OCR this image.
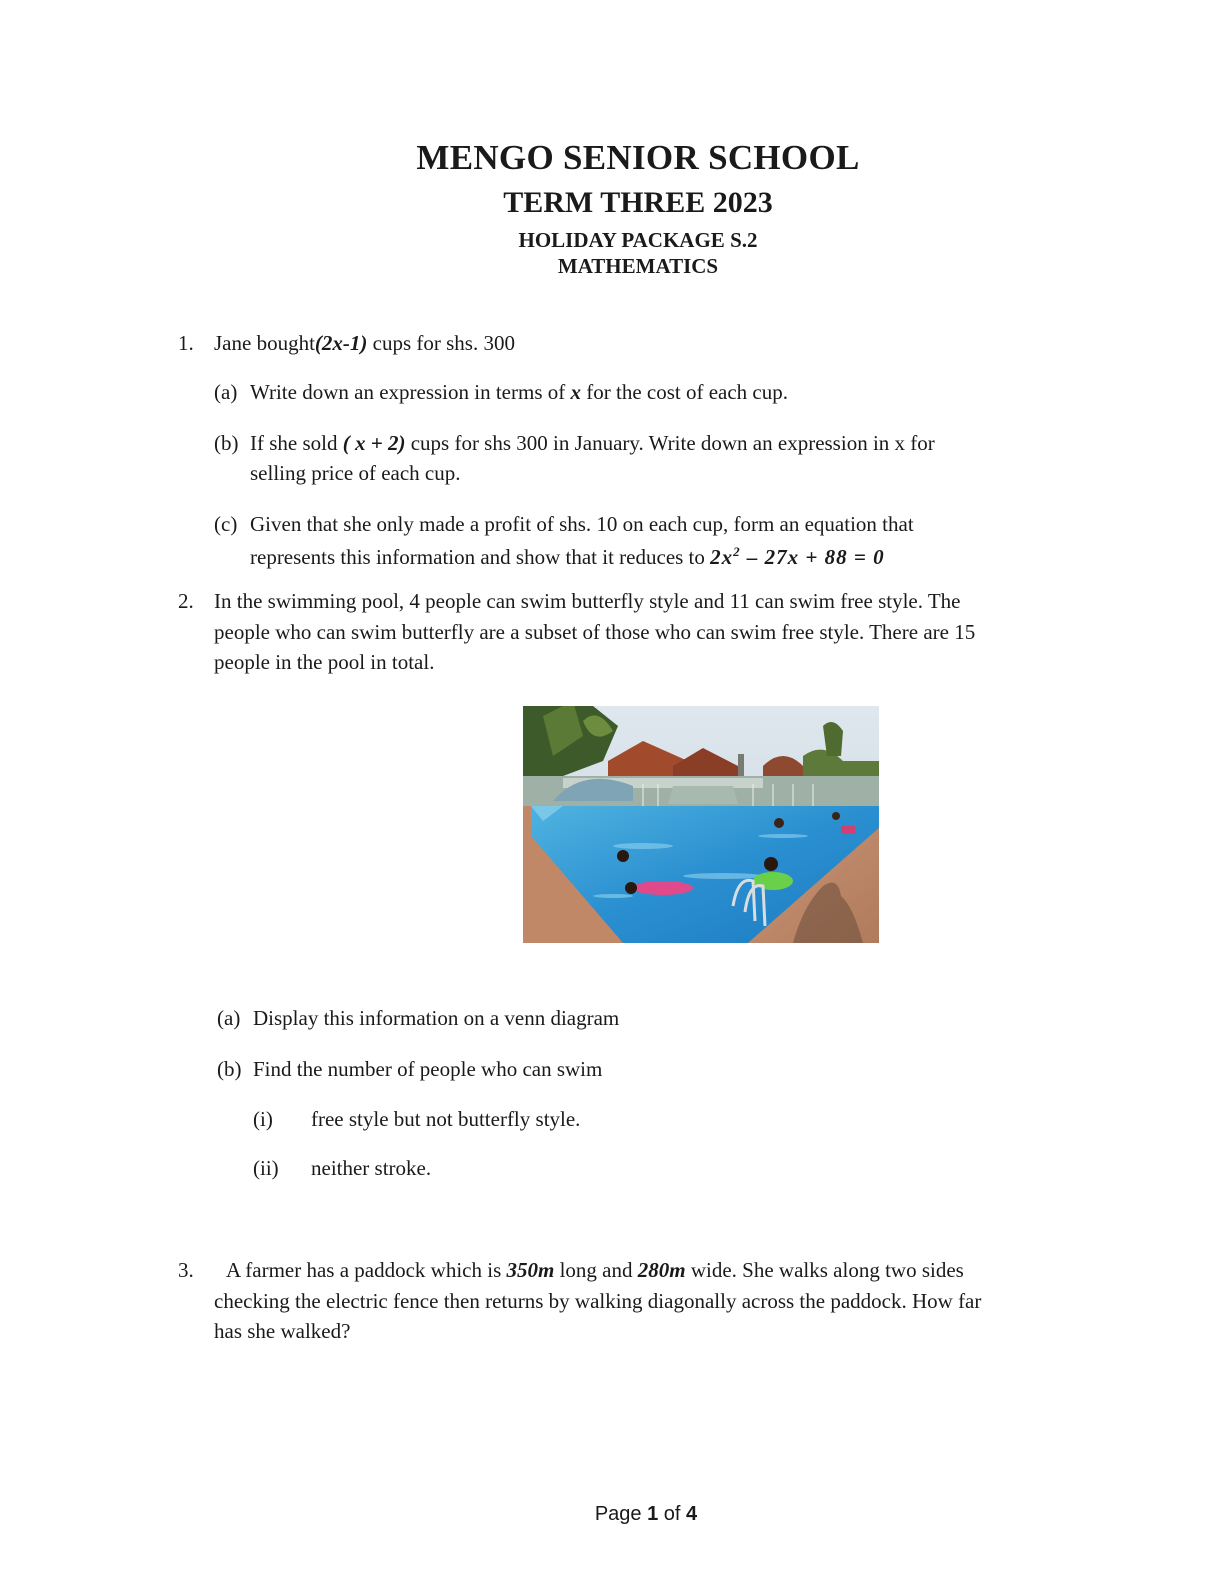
MENGO SENIOR SCHOOL
TERM THREE 2023
HOLIDAY PACKAGE S.2
MATHEMATICS
1. Jane bought(2x-1) cups for shs. 300
(a) Write down an expression in terms of x for the cost of each cup.
(b) If she sold ( x + 2) cups for shs 300 in January. Write down an expression in x for
selling price of each cup.
(c) Given that she only made a profit of shs. 10 on each cup, form an equation that
represents this information and show that it reduces to $2x^2 - 27x + 88 = 0$
2. In the swimming pool, 4 people can swim butterfly style and 11 can swim free style. The
people who can swim butterfly are a subset of those who can swim free style. There are 15
people in the pool in total.
(a) Display this information on a venn diagram
(b) Find the number of people who can swim
(i) free style but not butterfly style.
(ii) neither stroke.
3. A farmer has a paddock which is 350m long and 280m wide. She walks along two sides
checking the electric fence then returns by walking diagonally across the paddock. How far
has she walked?
Page 1 of 4
